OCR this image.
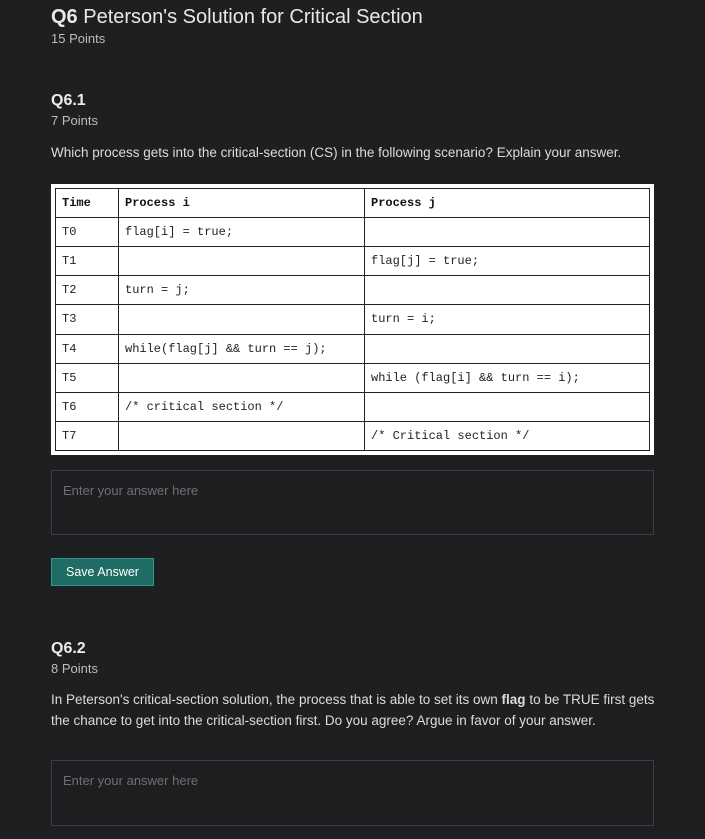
Q6 Peterson's Solution for Critical Section
15 Points
Q6.1
7 Points
Which process gets into the critical-section (CS) in the following scenario? Explain your answer.
Time	Process i	Process j
T0	flag[i] = true;	
T1		flag[j] = true;
T2	turn = j;	
T3		turn = i;
T4	while(flag[j] && turn == j);	
T5		while (flag[i] && turn == i);
T6	/* critical section */	
T7		/* Critical section */
Enter your answer here
Save Answer
Q6.2
8 Points
In Peterson's critical-section solution, the process that is able to set its own flag to be TRUE first gets the chance to get into the critical-section first. Do you agree? Argue in favor of your answer.
Enter your answer here
